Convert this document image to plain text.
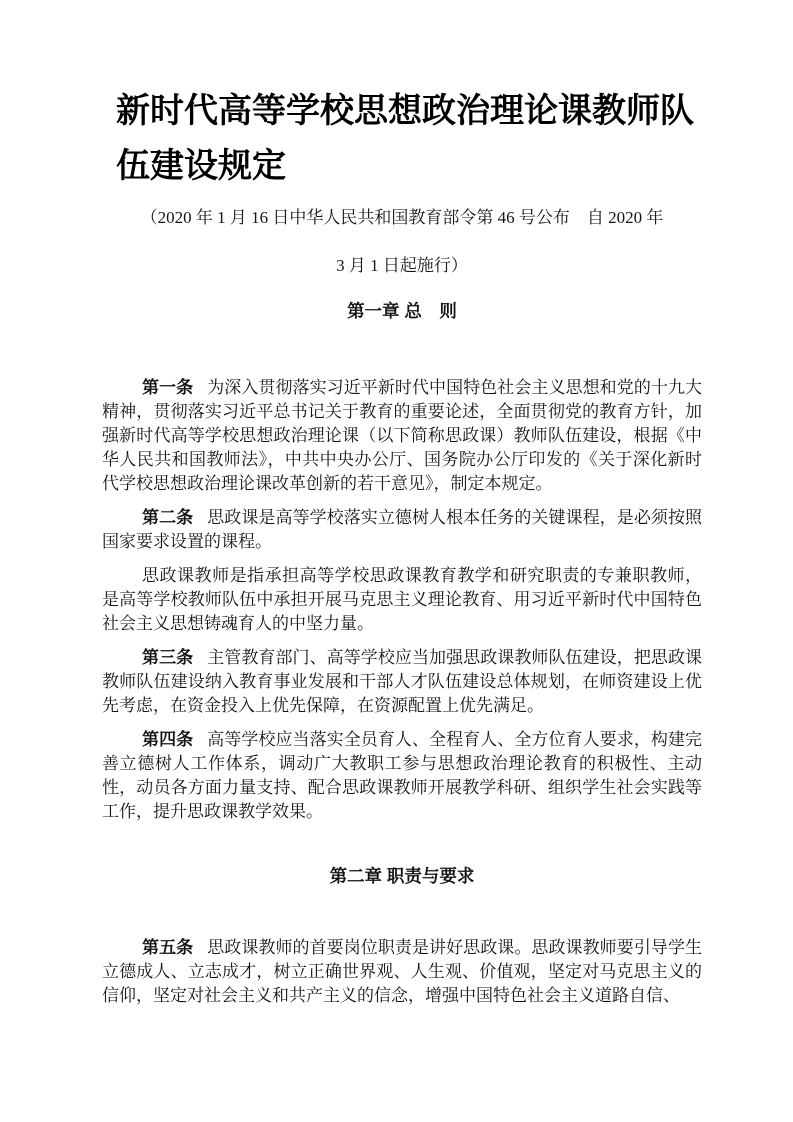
新时代高等学校思想政治理论课教师队伍建设规定
（2020 年 1 月 16 日中华人民共和国教育部令第 46 号公布　自 2020 年
3 月 1 日起施行）
第一章 总　则

第一条 为深入贯彻落实习近平新时代中国特色社会主义思想和党的十九大精神，贯彻落实习近平总书记关于教育的重要论述，全面贯彻党的教育方针，加强新时代高等学校思想政治理论课（以下简称思政课）教师队伍建设，根据《中华人民共和国教师法》，中共中央办公厅、国务院办公厅印发的《关于深化新时代学校思想政治理论课改革创新的若干意见》，制定本规定。

第二条 思政课是高等学校落实立德树人根本任务的关键课程，是必须按照国家要求设置的课程。

思政课教师是指承担高等学校思政课教育教学和研究职责的专兼职教师，是高等学校教师队伍中承担开展马克思主义理论教育、用习近平新时代中国特色社会主义思想铸魂育人的中坚力量。

第三条 主管教育部门、高等学校应当加强思政课教师队伍建设，把思政课教师队伍建设纳入教育事业发展和干部人才队伍建设总体规划，在师资建设上优先考虑，在资金投入上优先保障，在资源配置上优先满足。

第四条 高等学校应当落实全员育人、全程育人、全方位育人要求，构建完善立德树人工作体系，调动广大教职工参与思想政治理论教育的积极性、主动性，动员各方面力量支持、配合思政课教师开展教学科研、组织学生社会实践等工作，提升思政课教学效果。

第二章 职责与要求

第五条 思政课教师的首要岗位职责是讲好思政课。思政课教师要引导学生立德成人、立志成才，树立正确世界观、人生观、价值观，坚定对马克思主义的信仰，坚定对社会主义和共产主义的信念，增强中国特色社会主义道路自信、
